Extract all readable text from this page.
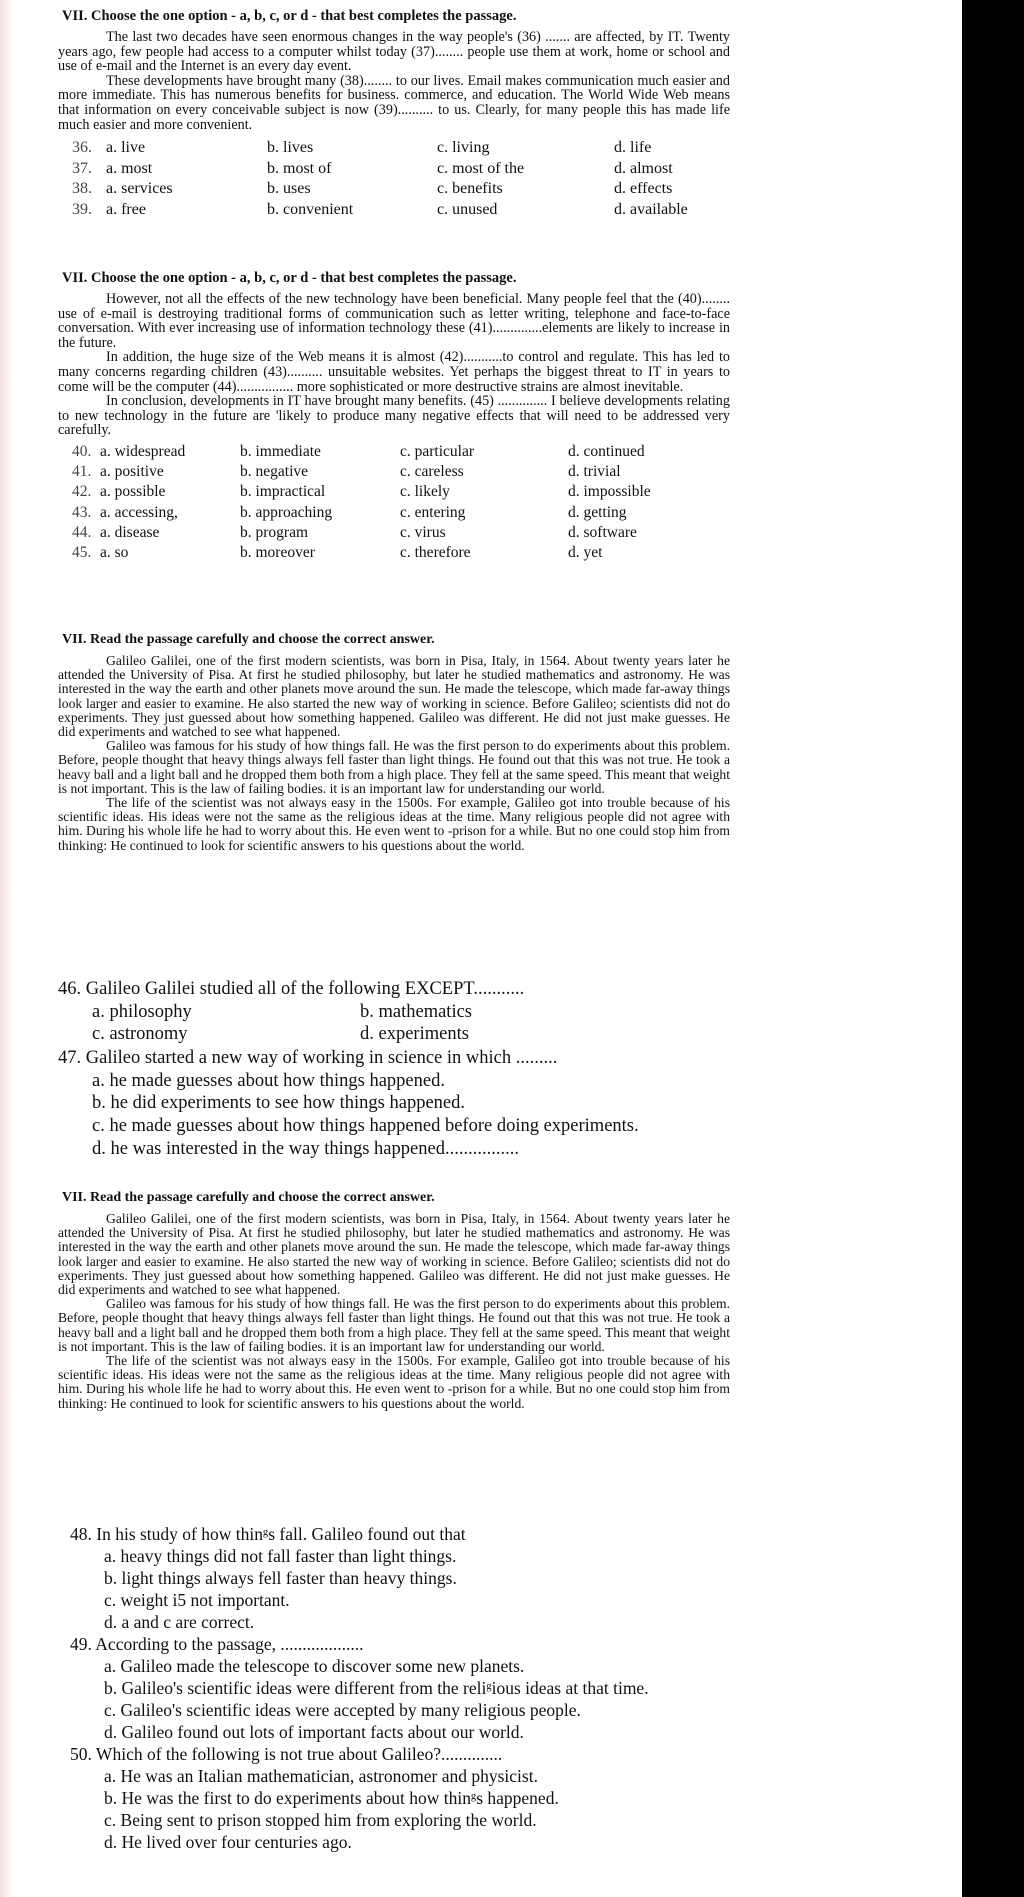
VII. Choose the one option - a, b, c, or d - that best completes the passage.

The last two decades have seen enormous changes in the way people's (36) ....... are affected, by IT. Twenty years ago, few people had access to a computer whilst today (37)........ people use them at work, home or school and use of e-mail and the Internet is an every day event.

These developments have brought many (38)........ to our lives. Email makes communication much easier and more immediate. This has numerous benefits for business. commerce, and education. The World Wide Web means that information on every conceivable subject is now (39).......... to us. Clearly, for many people this has made life much easier and more convenient.

36. a. live	b. lives	c. living	d. life
37. a. most	b. most of	c. most of the	d. almost
38. a. services	b. uses	c. benefits	d. effects
39. a. free	b. convenient	c. unused	d. available
VII. Choose the one option - a, b, c, or d - that best completes the passage.

However, not all the effects of the new technology have been beneficial. Many people feel that the (40)........ use of e-mail is destroying traditional forms of communication such as letter writing, telephone and face-to-face conversation. With ever increasing use of information technology these (41)..............elements are likely to increase in the future.

In addition, the huge size of the Web means it is almost (42)...........to control and regulate. This has led to many concerns regarding children (43).......... unsuitable websites. Yet perhaps the biggest threat to IT in years to come will be the computer (44)................ more sophisticated or more destructive strains are almost inevitable.

In conclusion, developments in IT have brought many benefits. (45) .............. I believe developments relating to new technology in the future are 'likely to produce many negative effects that will need to be addressed very carefully.

40. a. widespread	b. immediate	c. particular	d. continued
41. a. positive	b. negative	c. careless	d. trivial
42. a. possible	b. impractical	c. likely	d. impossible
43. a. accessing,	b. approaching	c. entering	d. getting
44. a. disease	b. program	c. virus	d. software
45. a. so	b. moreover	c. therefore	d. yet
VII. Read the passage carefully and choose the correct answer.

Galileo Galilei, one of the first modern scientists, was born in Pisa, Italy, in 1564. About twenty years later he attended the University of Pisa. At first he studied philosophy, but later he studied mathematics and astronomy. He was interested in the way the earth and other planets move around the sun. He made the telescope, which made far-away things look larger and easier to examine. He also started the new way of working in science. Before Galileo; scientists did not do experiments. They just guessed about how something happened. Galileo was different. He did not just make guesses. He did experiments and watched to see what happened.

Galileo was famous for his study of how things fall. He was the first person to do experiments about this problem. Before, people thought that heavy things always fell faster than light things. He found out that this was not true. He took a heavy ball and a light ball and he dropped them both from a high place. They fell at the same speed. This meant that weight is not important. This is the law of failing bodies. it is an important law for understanding our world.

The life of the scientist was not always easy in the 1500s. For example, Galileo got into trouble because of his scientific ideas. His ideas were not the same as the religious ideas at the time. Many religious people did not agree with him. During his whole life he had to worry about this. He even went to -prison for a while. But no one could stop him from thinking: He continued to look for scientific answers to his questions about the world.

46. Galileo Galilei studied all of the following EXCEPT...........

a. philosophy	b. mathematics
c. astronomy	d. experiments

47. Galileo started a new way of working in science in which .........

a. he made guesses about how things happened.
b. he did experiments to see how things happened.
c. he made guesses about how things happened before doing experiments.
d. he was interested in the way things happened................
VII. Read the passage carefully and choose the correct answer.

Galileo Galilei, one of the first modern scientists, was born in Pisa, Italy, in 1564. About twenty years later he attended the University of Pisa. At first he studied philosophy, but later he studied mathematics and astronomy. He was interested in the way the earth and other planets move around the sun. He made the telescope, which made far-away things look larger and easier to examine. He also started the new way of working in science. Before Galileo; scientists did not do experiments. They just guessed about how something happened. Galileo was different. He did not just make guesses. He did experiments and watched to see what happened.

Galileo was famous for his study of how things fall. He was the first person to do experiments about this problem. Before, people thought that heavy things always fell faster than light things. He found out that this was not true. He took a heavy ball and a light ball and he dropped them both from a high place. They fell at the same speed. This meant that weight is not important. This is the law of failing bodies. it is an important law for understanding our world.

The life of the scientist was not always easy in the 1500s. For example, Galileo got into trouble because of his scientific ideas. His ideas were not the same as the religious ideas at the time. Many religious people did not agree with him. During his whole life he had to worry about this. He even went to -prison for a while. But no one could stop him from thinking: He continued to look for scientific answers to his questions about the world.

48. In his study of how thinᵍs fall. Galileo found out that

a. heavy things did not fall faster than light things.
b. light things always fell faster than heavy things.
c. weight i5 not important.
d. a and c are correct.

49. According to the passage, ...................

a. Galileo made the telescope to discover some new planets.
b. Galileo's scientific ideas were different from the reliᵍious ideas at that time.
c. Galileo's scientific ideas were accepted by many religious people.
d. Galileo found out lots of important facts about our world.

50. Which of the following is not true about Galileo?..............

a. He was an Italian mathematician, astronomer and physicist.
b. He was the first to do experiments about how thinᵍs happened.
c. Being sent to prison stopped him from exploring the world.
d. He lived over four centuries ago.
